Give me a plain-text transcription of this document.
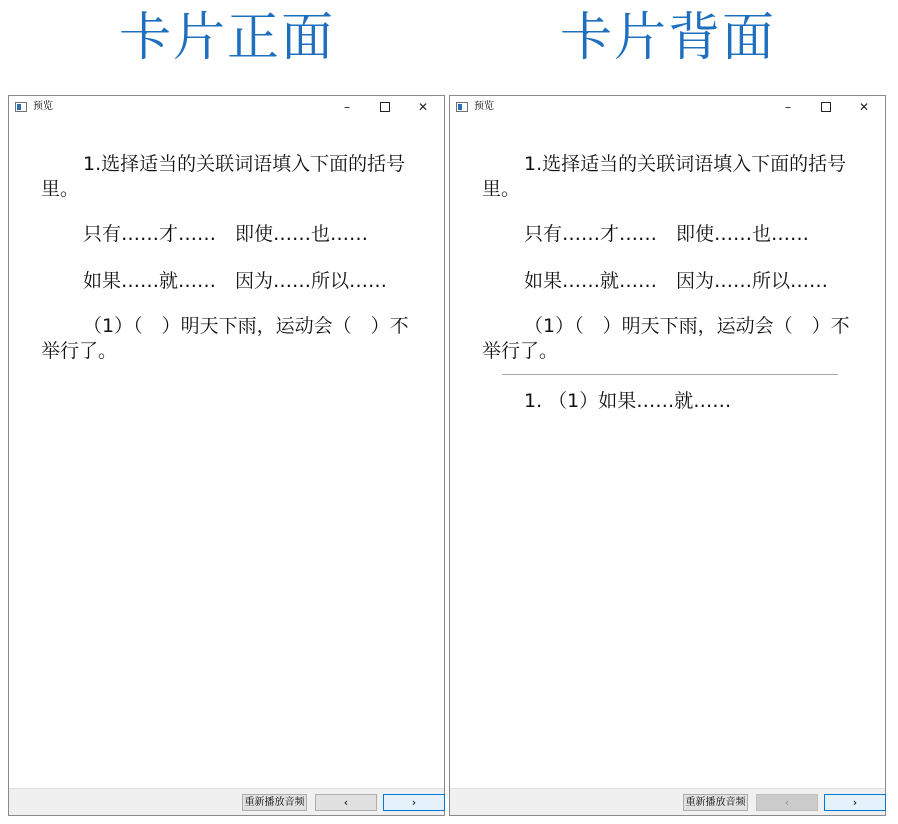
卡片正面	卡片背面
预览	–	✕

1.选择适当的关联词语填入下面的括号里。

只有……才……　即使……也……

如果……就……　因为……所以……

（1）（　）明天下雨，运动会（　）不举行了。

重新播放音频	‹	›
预览	–	✕

1.选择适当的关联词语填入下面的括号里。

只有……才……　即使……也……

如果……就……　因为……所以……

（1）（　）明天下雨，运动会（　）不举行了。

1. （1）如果……就……

重新播放音频	‹	›
